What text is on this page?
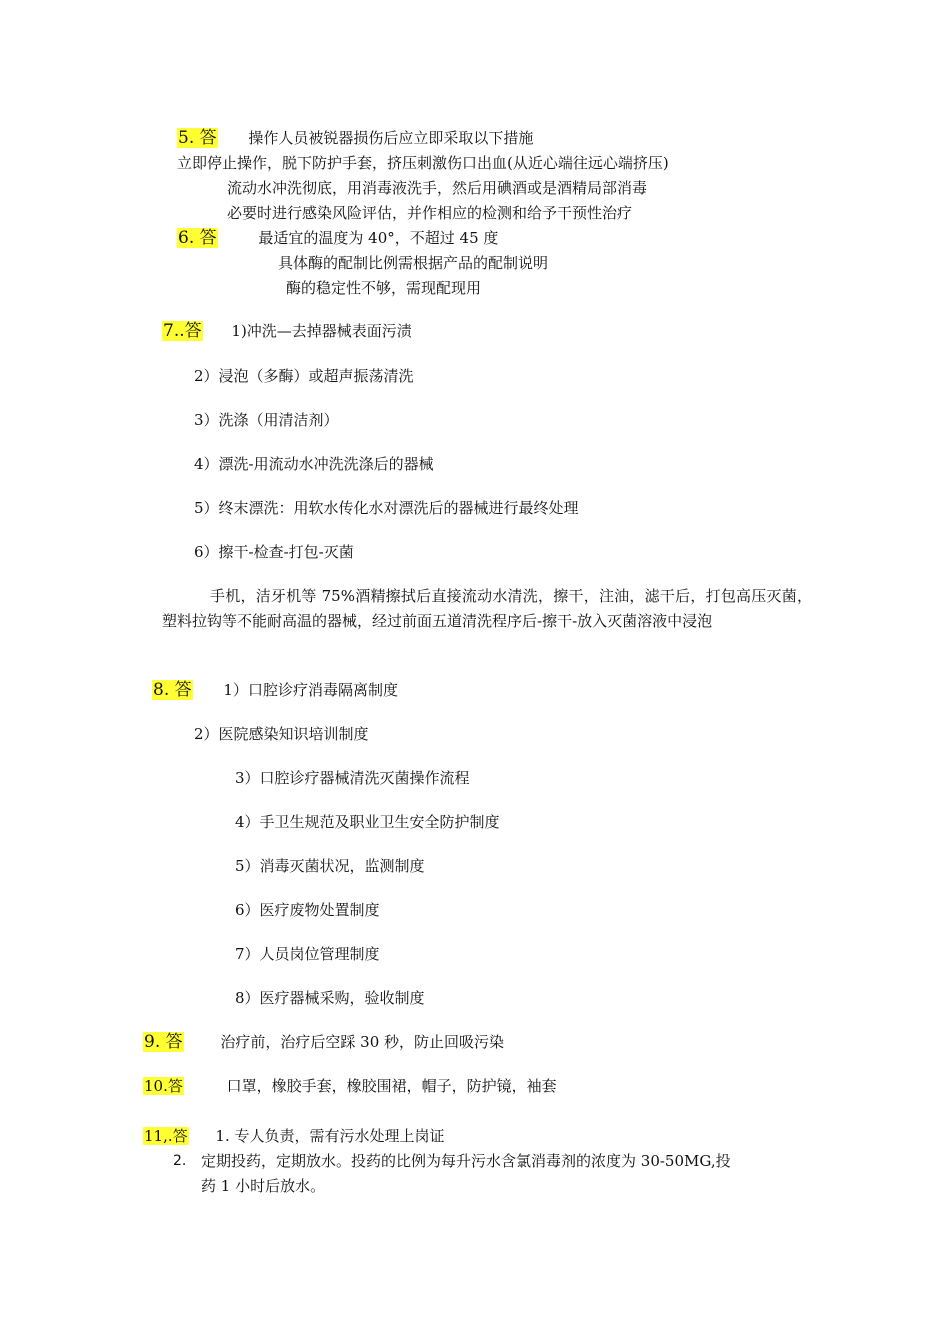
5. 答 操作人员被锐器损伤后应立即采取以下措施
立即停止操作，脱下防护手套，挤压刺激伤口出血(从近心端往远心端挤压)
流动水冲洗彻底，用消毒液洗手，然后用碘酒或是酒精局部消毒
必要时进行感染风险评估，并作相应的检测和给予干预性治疗
6. 答	最适宜的温度为 40°，不超过 45 度
具体酶的配制比例需根据产品的配制说明
酶的稳定性不够，需现配现用
7..答 1)冲洗—去掉器械表面污渍
2）浸泡（多酶）或超声振荡清洗
3）洗涤（用清洁剂）
4）漂洗-用流动水冲洗洗涤后的器械
5）终末漂洗：用软水传化水对漂洗后的器械进行最终处理
6）擦干-检查-打包-灭菌
手机，洁牙机等 75%酒精擦拭后直接流动水清洗，擦干，注油，滤干后，打包高压灭菌，塑料拉钩等不能耐高温的器械，经过前面五道清洗程序后-擦干-放入灭菌溶液中浸泡
8. 答 1）口腔诊疗消毒隔离制度
2）医院感染知识培训制度
3）口腔诊疗器械清洗灭菌操作流程
4）手卫生规范及职业卫生安全防护制度
5）消毒灭菌状况，监测制度
6）医疗废物处置制度
7）人员岗位管理制度
8）医疗器械采购，验收制度
9. 答	治疗前，治疗后空踩 30 秒，防止回吸污染
10.答	口罩，橡胶手套，橡胶围裙，帽子，防护镜，袖套
11,.答 1. 专人负责，需有污水处理上岗证
2. 定期投药，定期放水。投药的比例为每升污水含氯消毒剂的浓度为 30-50MG,投
药 1 小时后放水。
